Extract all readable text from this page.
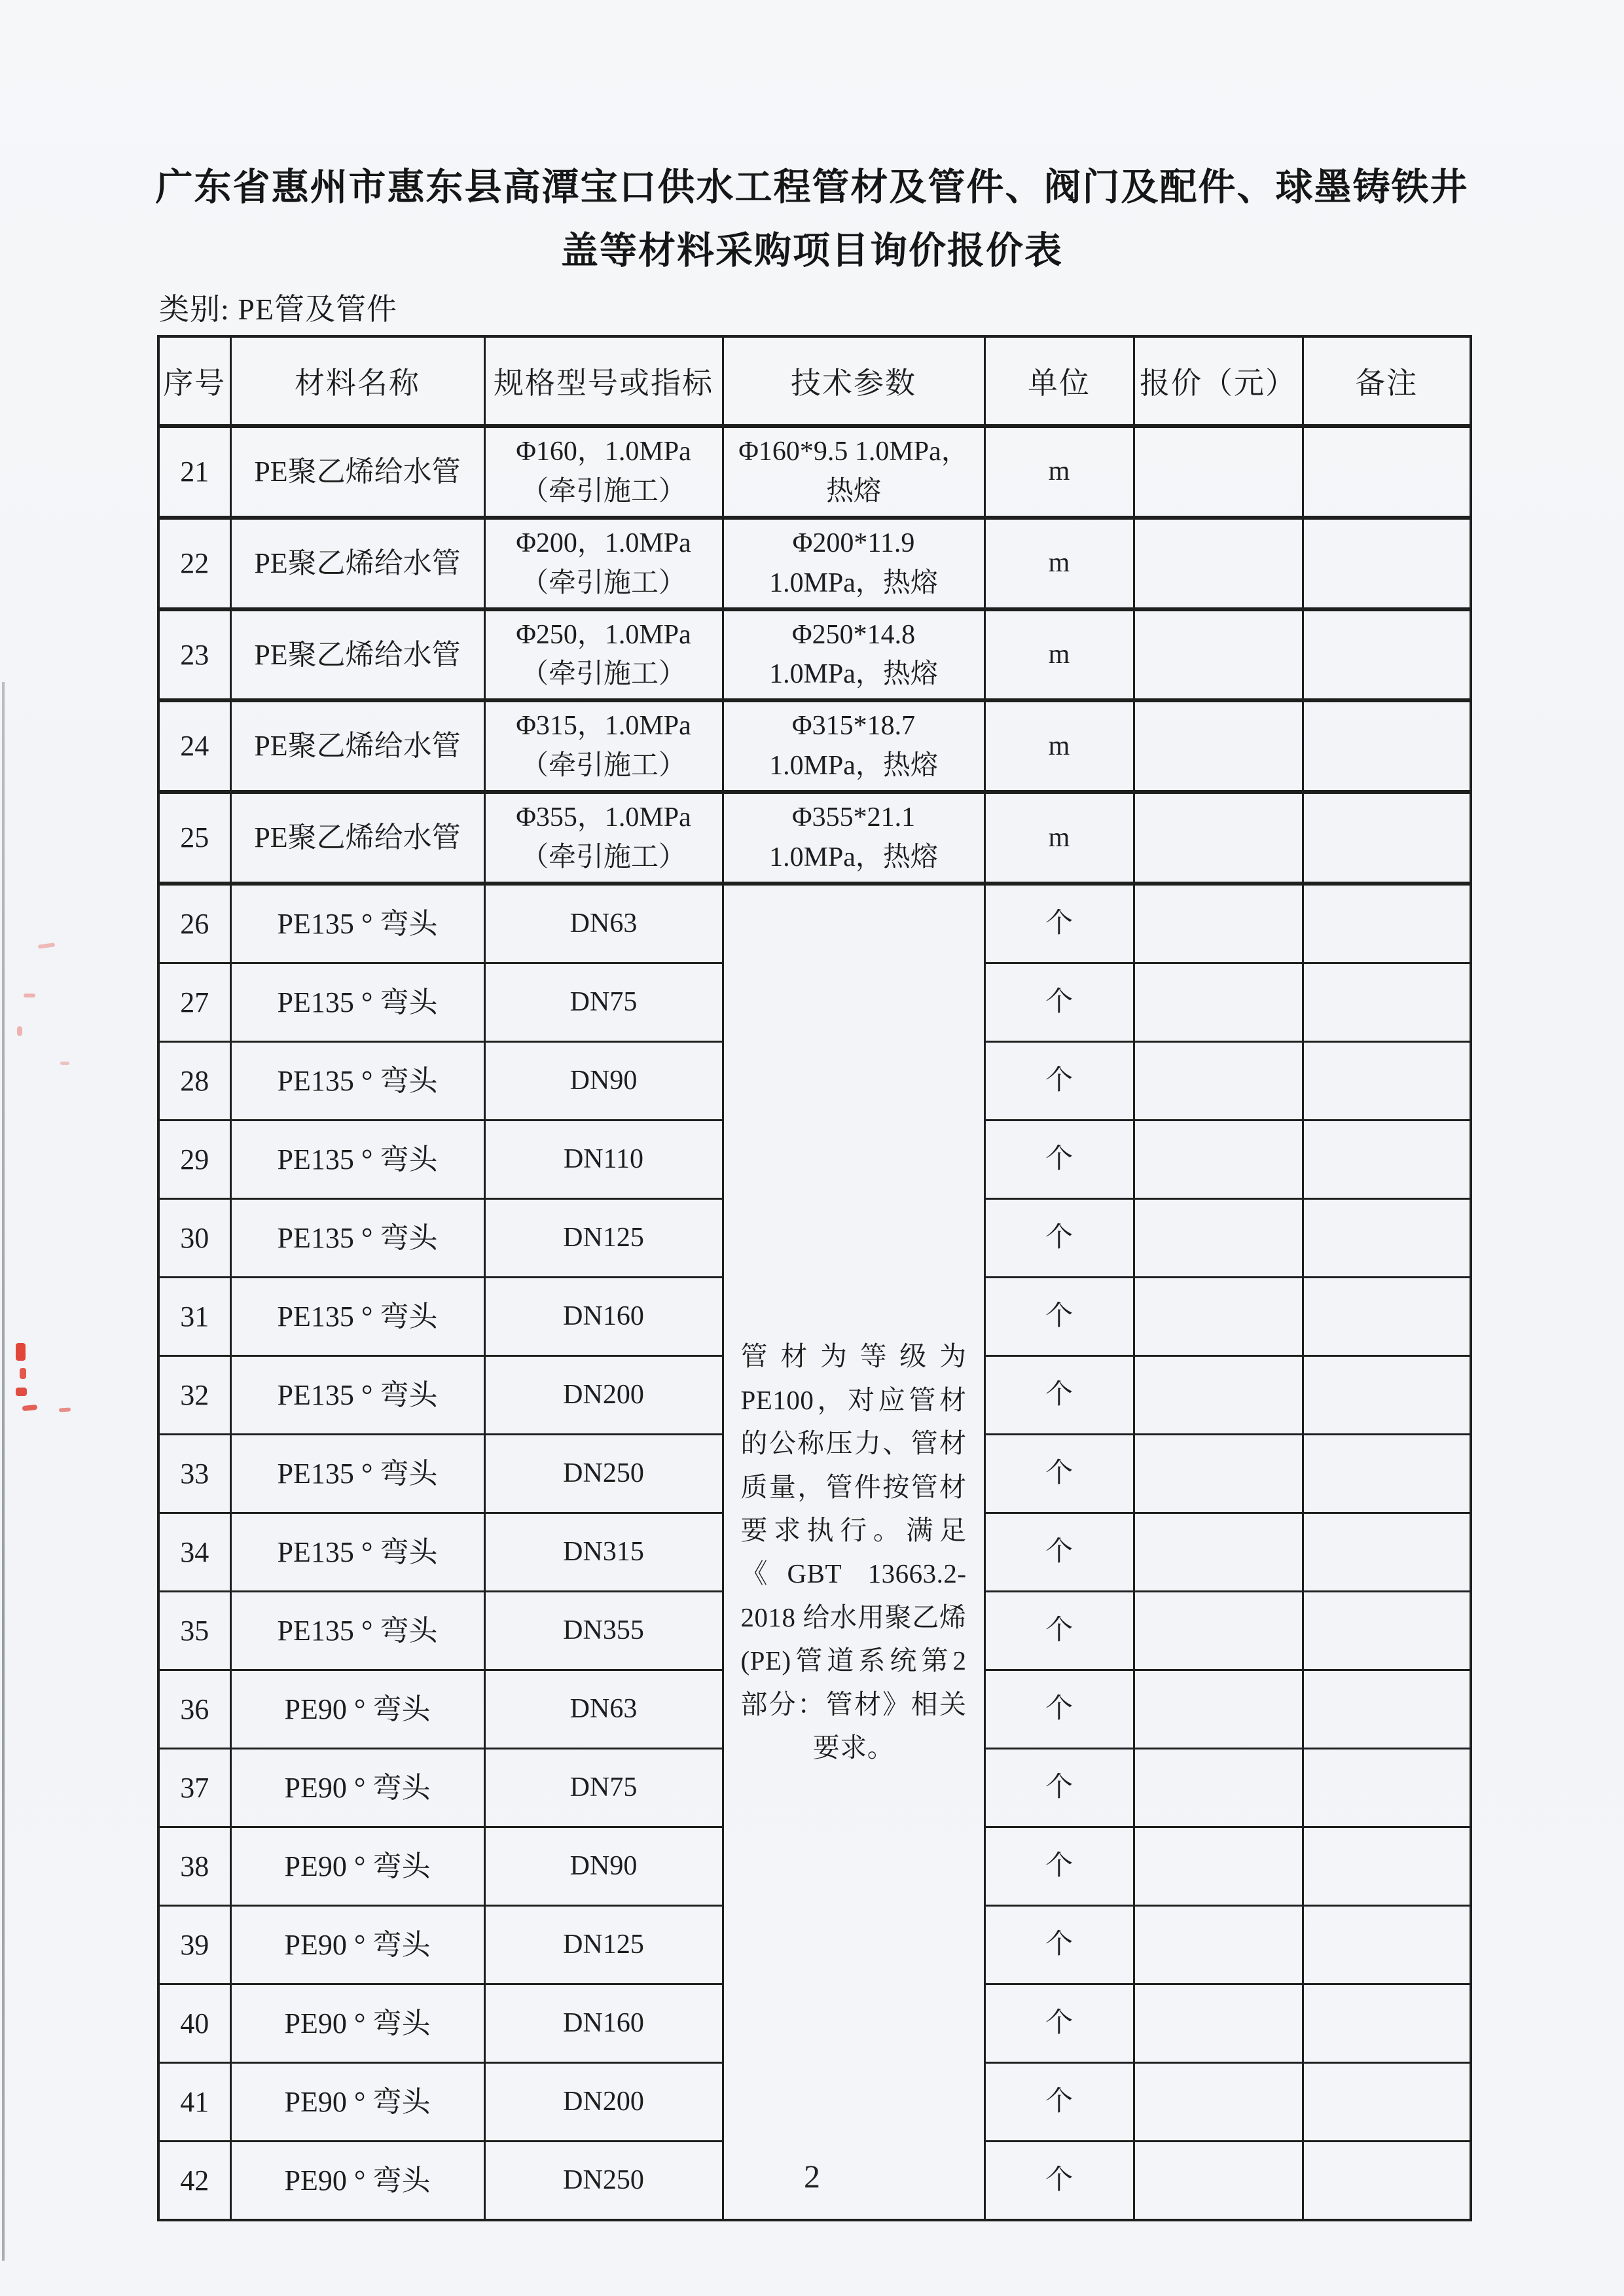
广东省惠州市惠东县高潭宝口供水工程管材及管件、阀门及配件、球墨铸铁井
盖等材料采购项目询价报价表
类别: PE管及管件
序号	材料名称	规格型号或指标	技术参数	单位	报价（元）	备注
21	PE聚乙烯给水管	Φ160，1.0MPa（牵引施工）	Φ160*9.5 1.0MPa，热熔	m		
22	PE聚乙烯给水管	Φ200，1.0MPa（牵引施工）	Φ200*11.9 1.0MPa，热熔	m		
23	PE聚乙烯给水管	Φ250，1.0MPa（牵引施工）	Φ250*14.8 1.0MPa，热熔	m		
24	PE聚乙烯给水管	Φ315，1.0MPa（牵引施工）	Φ315*18.7 1.0MPa，热熔	m		
25	PE聚乙烯给水管	Φ355，1.0MPa（牵引施工）	Φ355*21.1 1.0MPa，热熔	m		
26	PE135 ° 弯头	DN63	管材为等级为PE100，对应管材的公称压力、管材质量，管件按管材要求执行。满足《GBT 13663.2-2018 给水用聚乙烯(PE)管道系统第2部分：管材》相关要求。	个		
27	PE135 ° 弯头	DN75		个		
28	PE135 ° 弯头	DN90		个		
29	PE135 ° 弯头	DN110		个		
30	PE135 ° 弯头	DN125		个		
31	PE135 ° 弯头	DN160		个		
32	PE135 ° 弯头	DN200		个		
33	PE135 ° 弯头	DN250		个		
34	PE135 ° 弯头	DN315		个		
35	PE135 ° 弯头	DN355		个		
36	PE90 ° 弯头	DN63		个		
37	PE90 ° 弯头	DN75		个		
38	PE90 ° 弯头	DN90		个		
39	PE90 ° 弯头	DN125		个		
40	PE90 ° 弯头	DN160		个		
41	PE90 ° 弯头	DN200		个		
42	PE90 ° 弯头	DN250		个		
2
